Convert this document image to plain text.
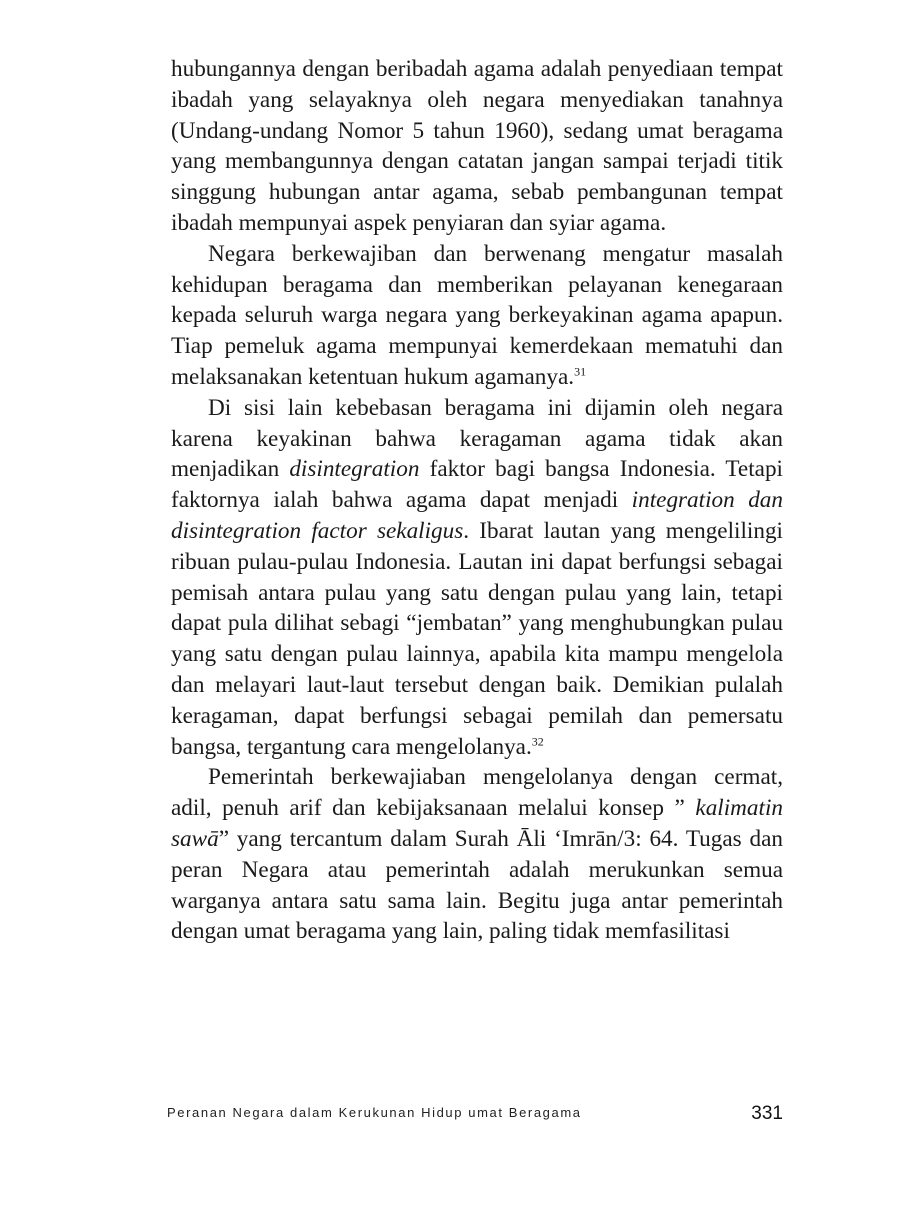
hubungannya dengan beribadah agama adalah penyediaan tempat ibadah yang selayaknya oleh negara menyediakan tanahnya (Undang-undang Nomor 5 tahun 1960), sedang umat beragama yang membangunnya dengan catatan jangan sampai terjadi titik singgung hubungan antar agama, sebab pembangunan tempat ibadah mempunyai aspek penyiaran dan syiar agama.

Negara berkewajiban dan berwenang mengatur masalah kehidupan beragama dan memberikan pelayanan kenegaraan kepada seluruh warga negara yang berkeyakinan agama apapun. Tiap pemeluk agama mempunyai kemerdekaan mematuhi dan melaksanakan ketentuan hukum agamanya.$^{31}$

Di sisi lain kebebasan beragama ini dijamin oleh negara karena keyakinan bahwa keragaman agama tidak akan menjadikan disintegration faktor bagi bangsa Indonesia. Tetapi faktornya ialah bahwa agama dapat menjadi integration dan disintegration factor sekaligus. Ibarat lautan yang mengelilingi ribuan pulau-pulau Indonesia. Lautan ini dapat berfungsi sebagai pemisah antara pulau yang satu dengan pulau yang lain, tetapi dapat pula dilihat sebagi “jembatan” yang menghubungkan pulau yang satu dengan pulau lainnya, apabila kita mampu mengelola dan melayari laut-laut tersebut dengan baik. Demikian pulalah keragaman, dapat berfungsi sebagai pemilah dan pemersatu bangsa, tergantung cara mengelolanya.$^{32}$

Pemerintah berkewajiaban mengelolanya dengan cermat, adil, penuh arif dan kebijaksanaan melalui konsep ” kalimatin sawā” yang tercantum dalam Surah Āli ‘Imrān/3: 64. Tugas dan peran Negara atau pemerintah adalah merukunkan semua warganya antara satu sama lain. Begitu juga antar pemerintah dengan umat beragama yang lain, paling tidak memfasilitasi

Peranan Negara dalam Kerukunan Hidup umat Beragama	331
